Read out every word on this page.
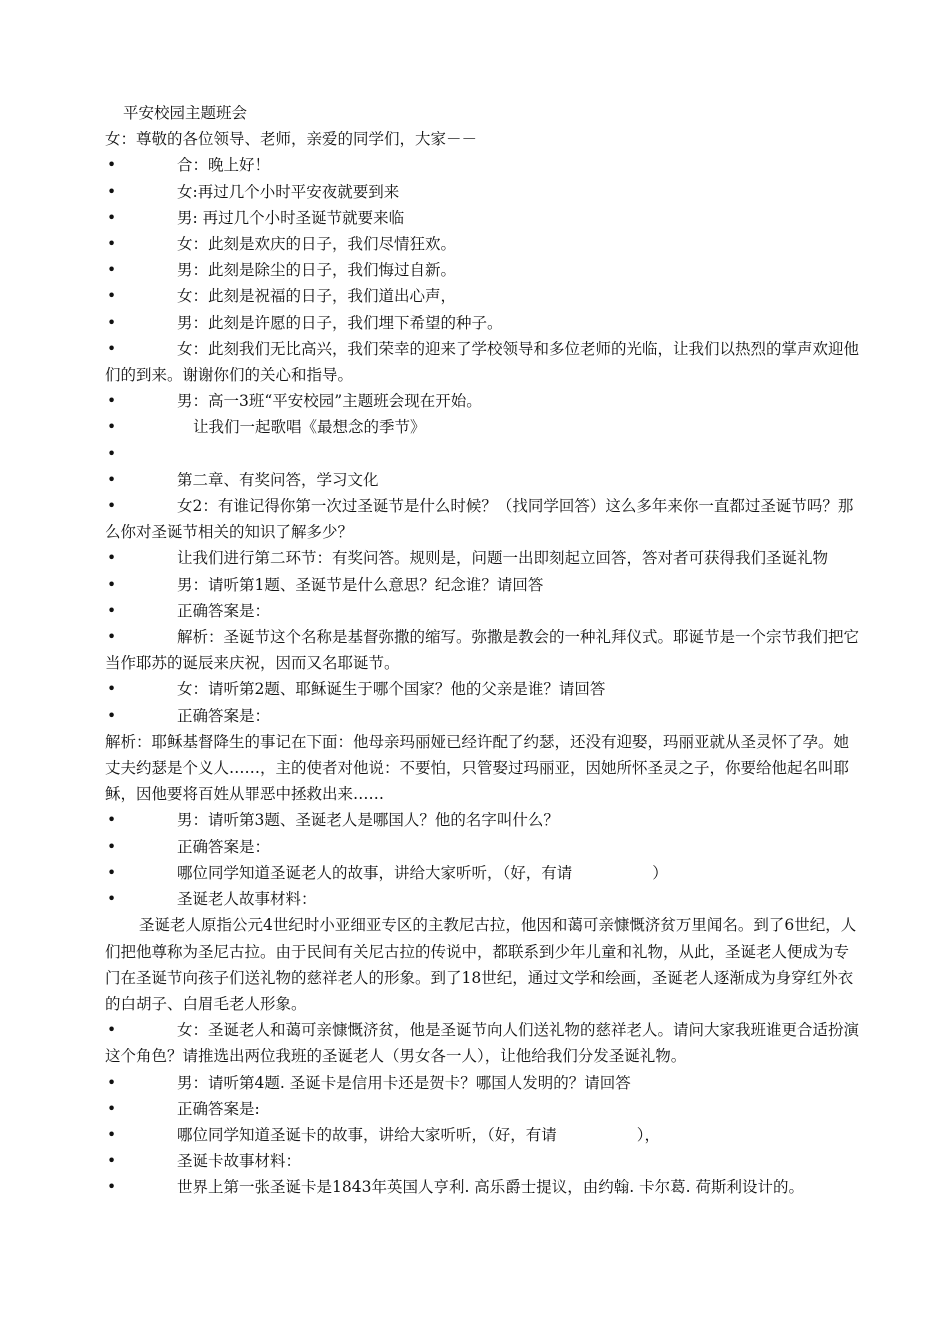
平安校园主题班会
女：尊敬的各位领导、老师，亲爱的同学们，大家－－
•	合：晚上好！
•	女:再过几个小时平安夜就要到来
•	男: 再过几个小时圣诞节就要来临
•	女：此刻是欢庆的日子，我们尽情狂欢。
•	男：此刻是除尘的日子，我们悔过自新。
•	女：此刻是祝福的日子，我们道出心声，
•	男：此刻是许愿的日子，我们埋下希望的种子。
•	女：此刻我们无比高兴，我们荣幸的迎来了学校领导和多位老师的光临，让我们以热烈的掌声欢迎他们的到来。谢谢你们的关心和指导。
•	男：高一3班“平安校园”主题班会现在开始。
•	让我们一起歌唱《最想念的季节》
•

•	第二章、有奖问答，学习文化
•	女2：有谁记得你第一次过圣诞节是什么时候？（找同学回答）这么多年来你一直都过圣诞节吗？那么你对圣诞节相关的知识了解多少？
•	让我们进行第二环节：有奖问答。规则是，问题一出即刻起立回答，答对者可获得我们圣诞礼物
•	男：请听第1题、圣诞节是什么意思？纪念谁？请回答
•	正确答案是：
•	解析：圣诞节这个名称是基督弥撒的缩写。弥撒是教会的一种礼拜仪式。耶诞节是一个宗节我们把它当作耶苏的诞辰来庆祝，因而又名耶诞节。
•	女：请听第2题、耶稣诞生于哪个国家？他的父亲是谁？请回答
•	正确答案是：
解析：耶稣基督降生的事记在下面：他母亲玛丽娅已经许配了约瑟，还没有迎娶，玛丽亚就从圣灵怀了孕。她丈夫约瑟是个义人……，主的使者对他说：不要怕，只管娶过玛丽亚，因她所怀圣灵之子，你要给他起名叫耶稣，因他要将百姓从罪恶中拯救出来……
•	男：请听第3题、圣诞老人是哪国人？他的名字叫什么？
•	正确答案是：
•	哪位同学知道圣诞老人的故事，讲给大家听听，（好，有请	）
•	圣诞老人故事材料：
圣诞老人原指公元4世纪时小亚细亚专区的主教尼古拉，他因和蔼可亲慷慨济贫万里闻名。到了6世纪，人们把他尊称为圣尼古拉。由于民间有关尼古拉的传说中，都联系到少年儿童和礼物，从此，圣诞老人便成为专门在圣诞节向孩子们送礼物的慈祥老人的形象。到了18世纪，通过文学和绘画，圣诞老人逐渐成为身穿红外衣的白胡子、白眉毛老人形象。
•	女：圣诞老人和蔼可亲慷慨济贫，他是圣诞节向人们送礼物的慈祥老人。请问大家我班谁更合适扮演这个角色？请推选出两位我班的圣诞老人（男女各一人），让他给我们分发圣诞礼物。
•	男：请听第4题. 圣诞卡是信用卡还是贺卡？哪国人发明的？请回答
•	正确答案是:
•	哪位同学知道圣诞卡的故事，讲给大家听听，（好，有请	），
•	圣诞卡故事材料：
•	世界上第一张圣诞卡是1843年英国人亨利. 高乐爵士提议，由约翰. 卡尔葛. 荷斯利设计的。
